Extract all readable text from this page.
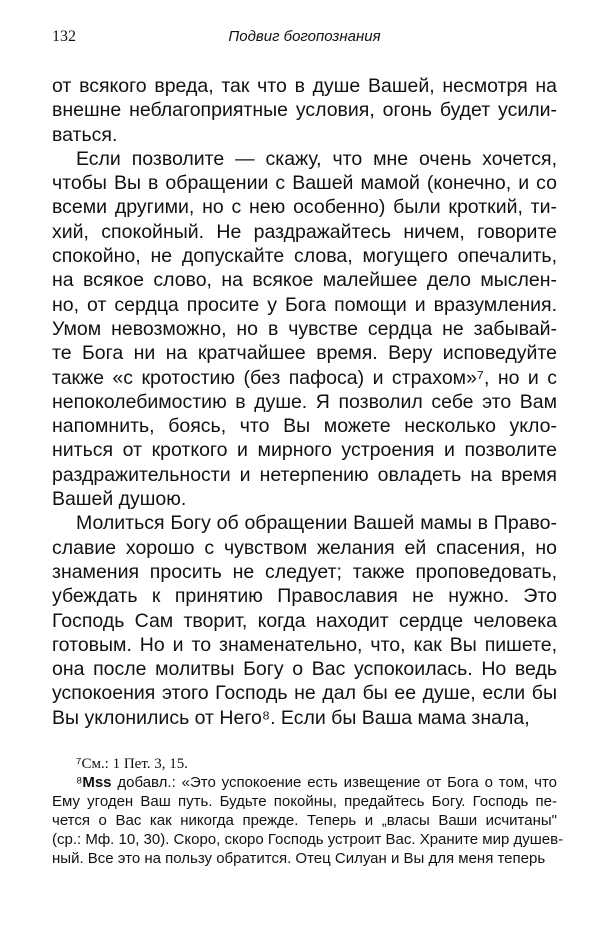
132	Подвиг богопознания
от всякого вреда, так что в душе Вашей, несмотря на
внешне неблагоприятные условия, огонь будет усили-
ваться.
Если позволите — скажу, что мне очень хочется,
чтобы Вы в обращении с Вашей мамой (конечно, и со
всеми другими, но с нею особенно) были кроткий, ти-
хий, спокойный. Не раздражайтесь ничем, говорите
спокойно, не допускайте слова, могущего опечалить,
на всякое слово, на всякое малейшее дело мыслен-
но, от сердца просите у Бога помощи и вразумления.
Умом невозможно, но в чувстве сердца не забывай-
те Бога ни на кратчайшее время. Веру исповедуйте
также «с кротостию (без пафоса) и страхом»⁷, но и с
непоколебимостию в душе. Я позволил себе это Вам
напомнить, боясь, что Вы можете несколько укло-
ниться от кроткого и мирного устроения и позволите
раздражительности и нетерпению овладеть на время
Вашей душою.
Молиться Богу об обращении Вашей мамы в Право-
славие хорошо с чувством желания ей спасения, но
знамения просить не следует; также проповедовать,
убеждать к принятию Православия не нужно. Это
Господь Сам творит, когда находит сердце человека
готовым. Но и то знаменательно, что, как Вы пишете,
она после молитвы Богу о Вас успокоилась. Но ведь
успокоения этого Господь не дал бы ее душе, если бы
Вы уклонились от Него⁸. Если бы Ваша мама знала,
⁷См.: 1 Пет. 3, 15.
⁸Mss добавл.: «Это успокоение есть извещение от Бога о том, что
Ему угоден Ваш путь. Будьте покойны, предайтесь Богу. Господь пе-
чется о Вас как никогда прежде. Теперь и „власы Ваши исчитаны"
(ср.: Мф. 10, 30). Скоро, скоро Господь устроит Вас. Храните мир душев-
ный. Все это на пользу обратится. Отец Силуан и Вы для меня теперь
